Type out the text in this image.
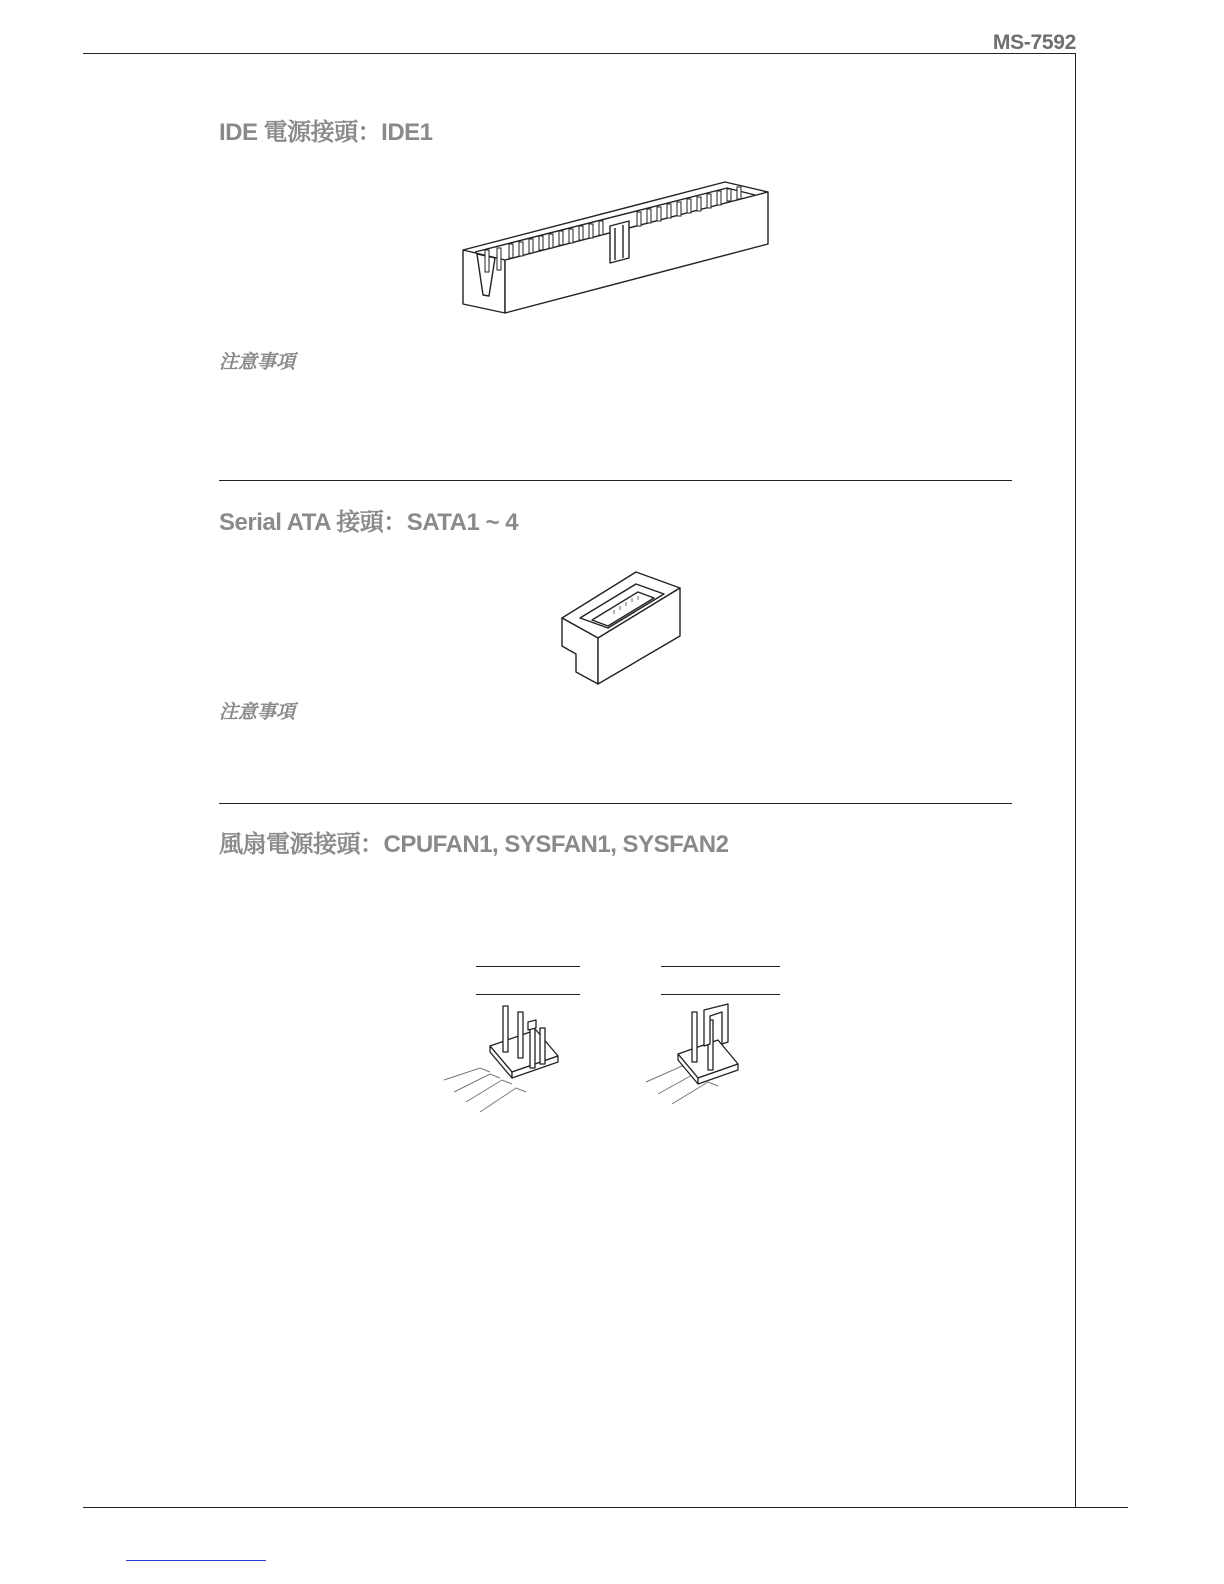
MS-7592
IDE 電源接頭：IDE1
注意事項
Serial ATA 接頭：SATA1 ~ 4
注意事項
風扇電源接頭：CPUFAN1, SYSFAN1, SYSFAN2
